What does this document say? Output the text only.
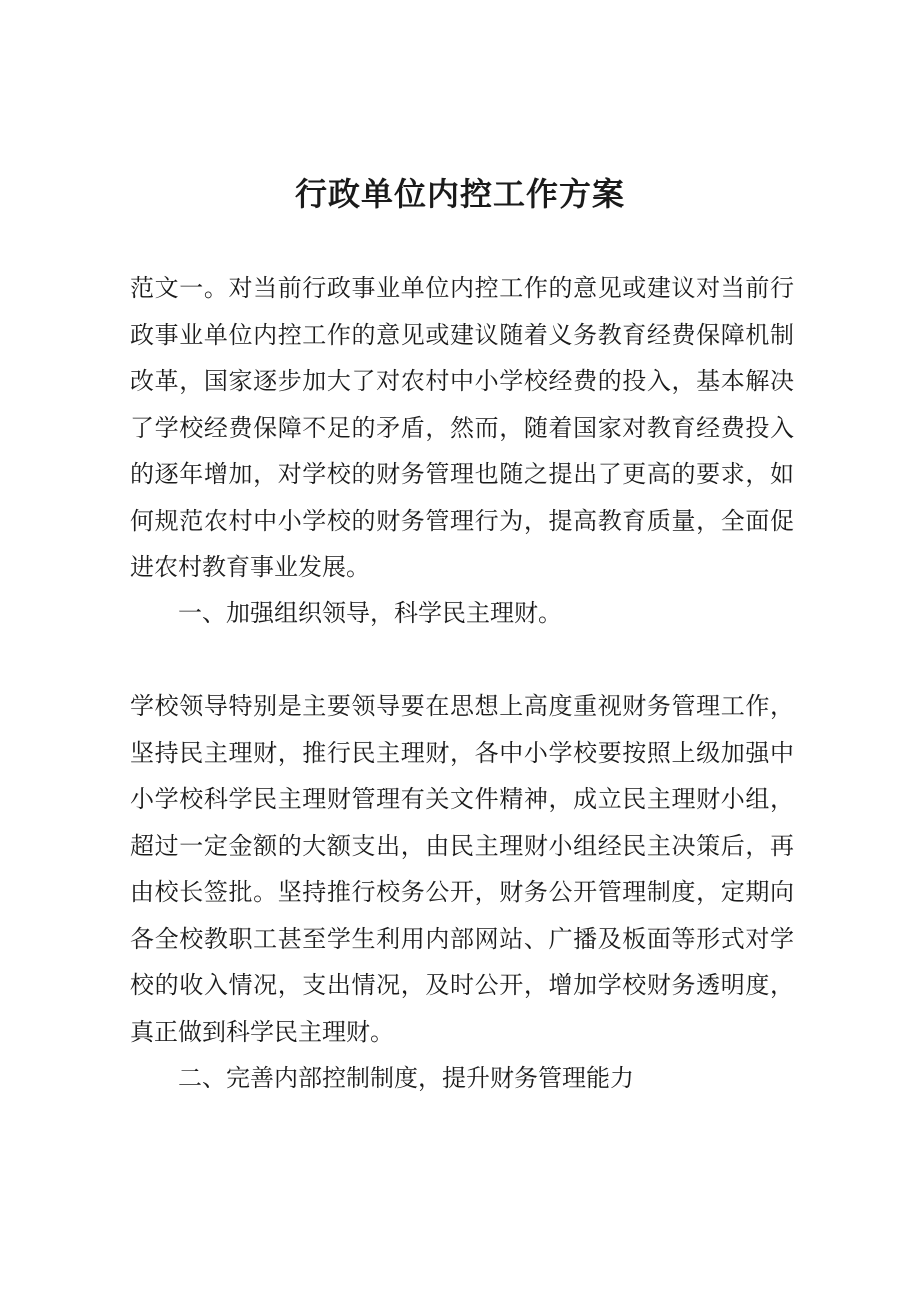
行政单位内控工作方案

范文一。对当前行政事业单位内控工作的意见或建议对当前行政事业单位内控工作的意见或建议随着义务教育经费保障机制改革，国家逐步加大了对农村中小学校经费的投入，基本解决了学校经费保障不足的矛盾，然而，随着国家对教育经费投入的逐年增加，对学校的财务管理也随之提出了更高的要求，如何规范农村中小学校的财务管理行为，提高教育质量，全面促进农村教育事业发展。

一、加强组织领导，科学民主理财。

学校领导特别是主要领导要在思想上高度重视财务管理工作，坚持民主理财，推行民主理财，各中小学校要按照上级加强中小学校科学民主理财管理有关文件精神，成立民主理财小组，超过一定金额的大额支出，由民主理财小组经民主决策后，再由校长签批。坚持推行校务公开，财务公开管理制度，定期向各全校教职工甚至学生利用内部网站、广播及板面等形式对学校的收入情况，支出情况，及时公开，增加学校财务透明度，真正做到科学民主理财。

二、完善内部控制制度，提升财务管理能力
